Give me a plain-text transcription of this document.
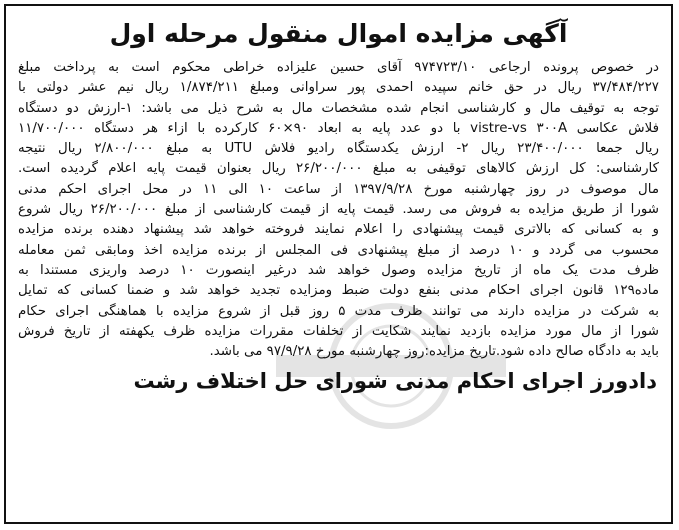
آگهی مزایده اموال منقول مرحله اول
در خصوص پرونده ارجاعی ۹۷۴۷۲۳/۱۰ آقای حسین علیزاده خراطی محکوم است به پرداخت مبلغ
۳۷/۴۸۴/۲۲۷ ریال در حق خانم سپیده احمدی پور سراوانی ومبلغ ۱/۸۷۴/۲۱۱ ریال نیم عشر دولتی با
توجه به توقیف مال و کارشناسی انجام شده مشخصات مال به شرح ذیل می باشد: ۱-ارزش دو دستگاه
فلاش عکاسی vistre-vs ۳۰۰A با دو عدد پایه به ابعاد ۹۰×۶۰ کارکرده با ازاء هر دستگاه ۱۱/۷۰۰/۰۰۰
ریال جمعا ۲۳/۴۰۰/۰۰۰ ریال ۲- ارزش یکدستگاه رادیو فلاش UTU به مبلغ ۲/۸۰۰/۰۰۰ ریال نتیجه
کارشناسی: کل ارزش کالاهای توقیفی به مبلغ ۲۶/۲۰۰/۰۰۰ ریال بعنوان قیمت پایه اعلام گردیده است.
مال موصوف در روز چهارشنبه مورخ ۱۳۹۷/۹/۲۸ از ساعت ۱۰ الی ۱۱ در محل اجرای احکم مدنی
شورا از طریق مزایده به فروش می رسد. قیمت پایه از قیمت کارشناسی از مبلغ ۲۶/۲۰۰/۰۰۰ ریال شروع
و به کسانی که بالاتری قیمت پیشنهادی را اعلام نمایند فروخته خواهد شد پیشنهاد دهنده برنده مزایده
محسوب می گردد و ۱۰ درصد از مبلغ پیشنهادی فی المجلس از برنده مزایده اخذ ومابقی ثمن معامله
ظرف مدت یک ماه از تاریخ مزایده وصول خواهد شد درغیر اینصورت ۱۰ درصد واریزی مستندا به
ماده۱۲۹ قانون اجرای احکام مدنی بنفع دولت ضبط ومزایده تجدید خواهد شد و ضمنا کسانی که تمایل
به شرکت در مزایده دارند می توانند ظرف مدت ۵ روز قبل از شروع مزایده با هماهنگی اجرای حکام
شورا از مال مورد مزایده بازدید نمایند شکایت از تخلفات مقررات مزایده ظرف یکهفته از تاریخ فروش
باید به دادگاه صالح داده شود.تاریخ مزایده:روز چهارشنبه مورخ ۹۷/۹/۲۸ می باشد.
دادورز اجرای احکام مدنی شورای حل اختلاف رشت
